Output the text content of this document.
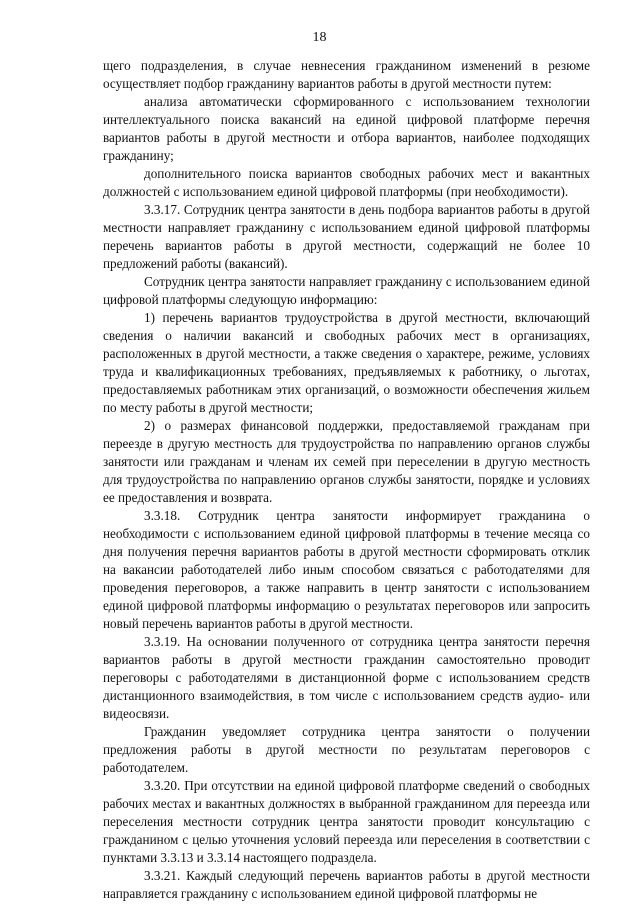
18

щего подразделения, в случае невнесения гражданином изменений в резюме осуществляет подбор гражданину вариантов работы в другой местности путем:

анализа автоматически сформированного с использованием технологии интеллектуального поиска вакансий на единой цифровой платформе перечня вариантов работы в другой местности и отбора вариантов, наиболее подходящих гражданину;

дополнительного поиска вариантов свободных рабочих мест и вакантных должностей с использованием единой цифровой платформы (при необходимости).

3.3.17. Сотрудник центра занятости в день подбора вариантов работы в другой местности направляет гражданину с использованием единой цифровой платформы перечень вариантов работы в другой местности, содержащий не более 10 предложений работы (вакансий).

Сотрудник центра занятости направляет гражданину с использованием единой цифровой платформы следующую информацию:

1) перечень вариантов трудоустройства в другой местности, включающий сведения о наличии вакансий и свободных рабочих мест в организациях, расположенных в другой местности, а также сведения о характере, режиме, условиях труда и квалификационных требованиях, предъявляемых к работнику, о льготах, предоставляемых работникам этих организаций, о возможности обеспечения жильем по месту работы в другой местности;

2) о размерах финансовой поддержки, предоставляемой гражданам при переезде в другую местность для трудоустройства по направлению органов службы занятости или гражданам и членам их семей при переселении в другую местность для трудоустройства по направлению органов службы занятости, порядке и условиях ее предоставления и возврата.

3.3.18. Сотрудник центра занятости информирует гражданина о необходимости с использованием единой цифровой платформы в течение месяца со дня получения перечня вариантов работы в другой местности сформировать отклик на вакансии работодателей либо иным способом связаться с работодателями для проведения переговоров, а также направить в центр занятости с использованием единой цифровой платформы информацию о результатах переговоров или запросить новый перечень вариантов работы в другой местности.

3.3.19. На основании полученного от сотрудника центра занятости перечня вариантов работы в другой местности гражданин самостоятельно проводит переговоры с работодателями в дистанционной форме с использованием средств дистанционного взаимодействия, в том числе с использованием средств аудио- или видеосвязи.

Гражданин уведомляет сотрудника центра занятости о получении предложения работы в другой местности по результатам переговоров с работодателем.

3.3.20. При отсутствии на единой цифровой платформе сведений о свободных рабочих местах и вакантных должностях в выбранной гражданином для переезда или переселения местности сотрудник центра занятости проводит консультацию с гражданином с целью уточнения условий переезда или переселения в соответствии с пунктами 3.3.13 и 3.3.14 настоящего подраздела.

3.3.21. Каждый следующий перечень вариантов работы в другой местности направляется гражданину с использованием единой цифровой платформы не
